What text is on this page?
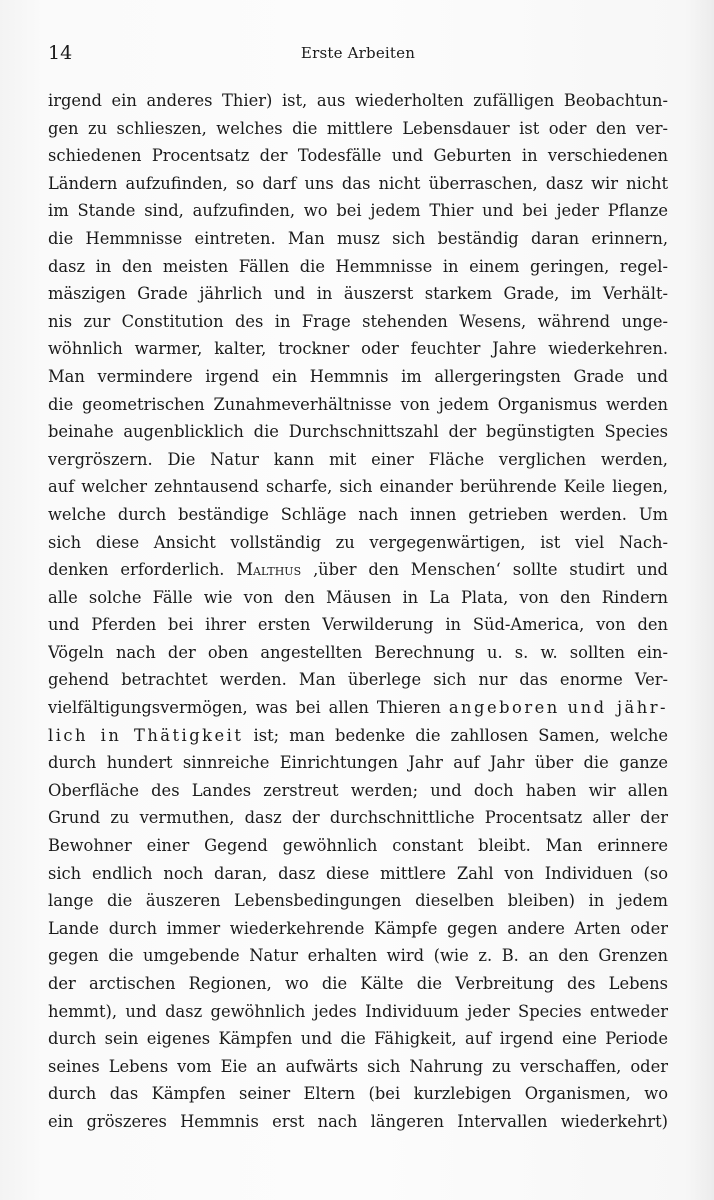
14	Erste Arbeiten
irgend ein anderes Thier) ist, aus wiederholten zufälligen Beobachtun-
gen zu schlieszen, welches die mittlere Lebensdauer ist oder den ver-
schiedenen Procentsatz der Todesfälle und Geburten in verschiedenen
Ländern aufzufinden, so darf uns das nicht überraschen, dasz wir nicht
im Stande sind, aufzufinden, wo bei jedem Thier und bei jeder Pflanze
die Hemmnisse eintreten. Man musz sich beständig daran erinnern,
dasz in den meisten Fällen die Hemmnisse in einem geringen, regel-
mäszigen Grade jährlich und in äuszerst starkem Grade, im Verhält-
nis zur Constitution des in Frage stehenden Wesens, während unge-
wöhnlich warmer, kalter, trockner oder feuchter Jahre wiederkehren.
Man vermindere irgend ein Hemmnis im allergeringsten Grade und
die geometrischen Zunahmeverhältnisse von jedem Organismus werden
beinahe augenblicklich die Durchschnittszahl der begünstigten Species
vergröszern. Die Natur kann mit einer Fläche verglichen werden,
auf welcher zehntausend scharfe, sich einander berührende Keile liegen,
welche durch beständige Schläge nach innen getrieben werden. Um
sich diese Ansicht vollständig zu vergegenwärtigen, ist viel Nach-
denken erforderlich. Malthus ‚über den Menschen‘ sollte studirt und
alle solche Fälle wie von den Mäusen in La Plata, von den Rindern
und Pferden bei ihrer ersten Verwilderung in Süd-America, von den
Vögeln nach der oben angestellten Berechnung u. s. w. sollten ein-
gehend betrachtet werden. Man überlege sich nur das enorme Ver-
vielfältigungsvermögen, was bei allen Thieren angeboren und jähr-
lich in Thätigkeit ist; man bedenke die zahllosen Samen, welche
durch hundert sinnreiche Einrichtungen Jahr auf Jahr über die ganze
Oberfläche des Landes zerstreut werden; und doch haben wir allen
Grund zu vermuthen, dasz der durchschnittliche Procentsatz aller der
Bewohner einer Gegend gewöhnlich constant bleibt. Man erinnere
sich endlich noch daran, dasz diese mittlere Zahl von Individuen (so
lange die äuszeren Lebensbedingungen dieselben bleiben) in jedem
Lande durch immer wiederkehrende Kämpfe gegen andere Arten oder
gegen die umgebende Natur erhalten wird (wie z. B. an den Grenzen
der arctischen Regionen, wo die Kälte die Verbreitung des Lebens
hemmt), und dasz gewöhnlich jedes Individuum jeder Species entweder
durch sein eigenes Kämpfen und die Fähigkeit, auf irgend eine Periode
seines Lebens vom Eie an aufwärts sich Nahrung zu verschaffen, oder
durch das Kämpfen seiner Eltern (bei kurzlebigen Organismen, wo
ein gröszeres Hemmnis erst nach längeren Intervallen wiederkehrt)
